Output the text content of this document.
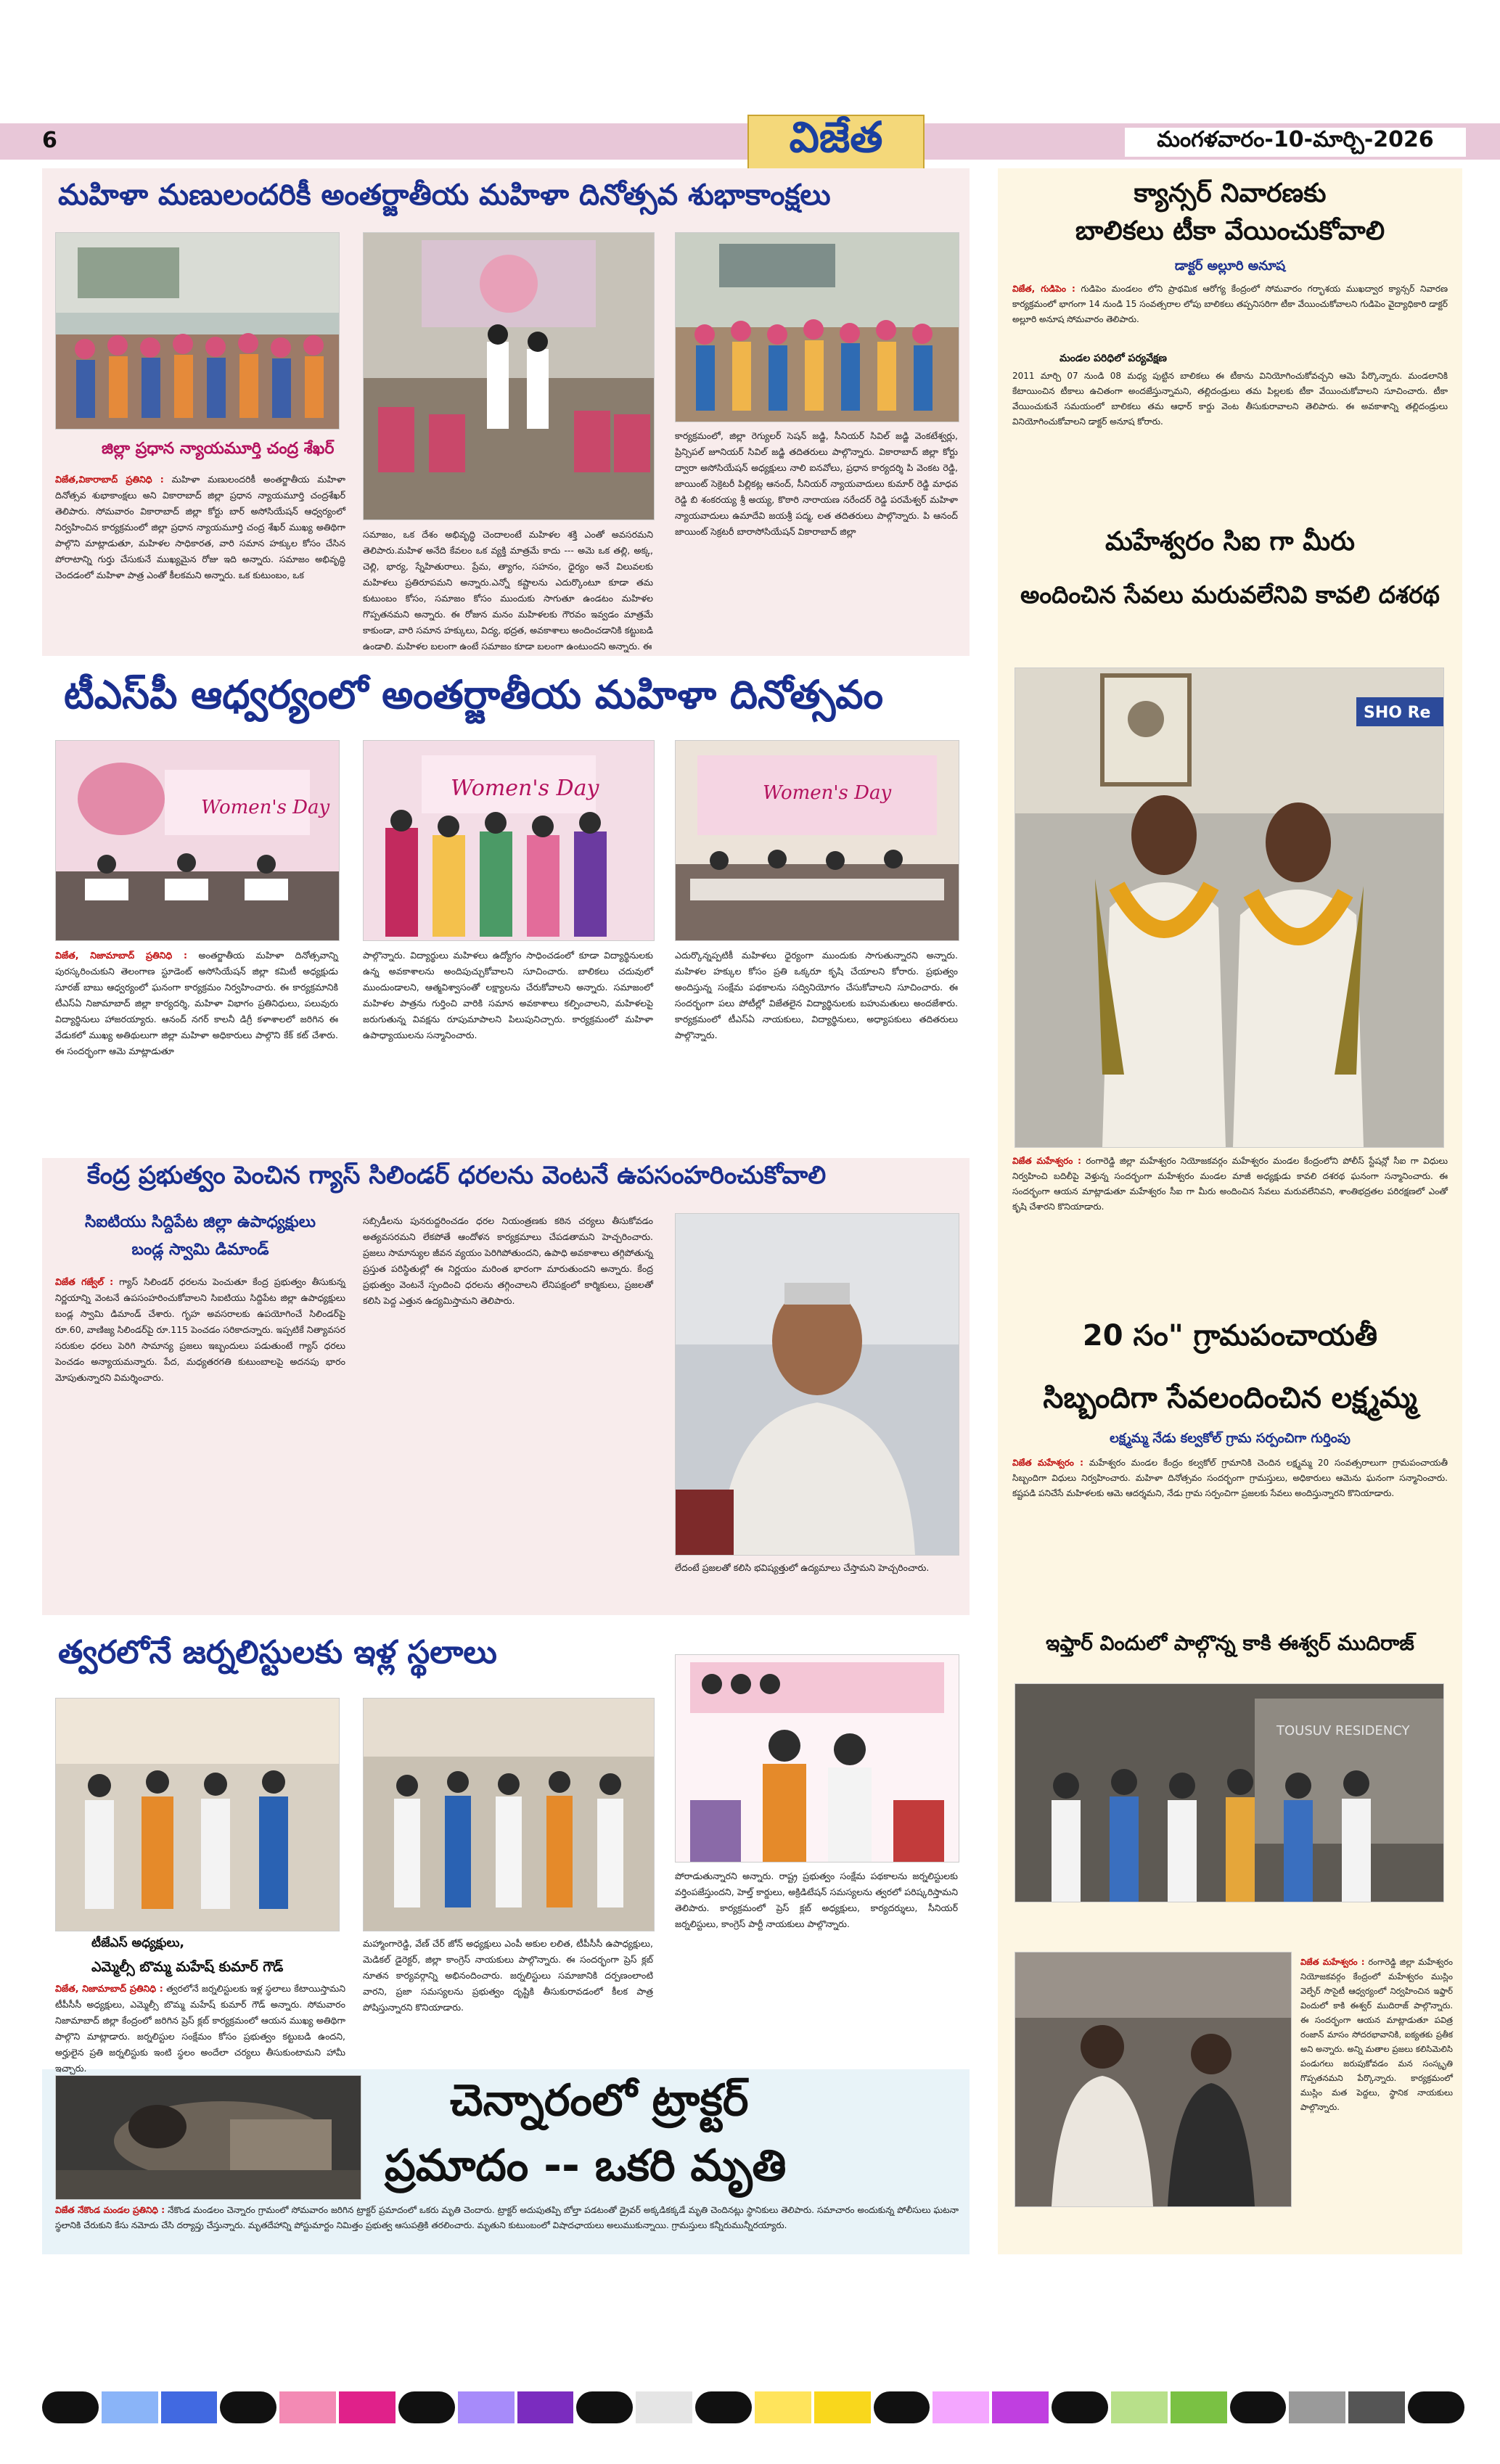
6	విజేత	మంగళవారం-10-మార్చి-2026
మహిళా మణులందరికీ అంతర్జాతీయ మహిళా దినోత్సవ శుభాకాంక్షలు
జిల్లా ప్రధాన న్యాయమూర్తి చంద్ర శేఖర్
విజేత,వికారాబాద్ ప్రతినిధి : మహిళా మణులందరికీ అంతర్జాతీయ మహిళా దినోత్సవ శుభాకాంక్షలు అని వికారాబాద్ జిల్లా ప్రధాన న్యాయమూర్తి చంద్రశేఖర్ తెలిపారు. సోమవారం వికారాబాద్ జిల్లా కోర్టు బార్ అసోసియేషన్ ఆధ్వర్యంలో నిర్వహించిన కార్యక్రమంలో జిల్లా ప్రధాన న్యాయమూర్తి చంద్ర శేఖర్ ముఖ్య అతిథిగా పాల్గొని మాట్లాడుతూ, మహిళల సాధికారత, వారి సమాన హక్కుల కోసం చేసిన పోరాటాన్ని గుర్తు చేసుకునే ముఖ్యమైన రోజు ఇది అన్నారు. సమాజం అభివృద్ధి చెందడంలో మహిళా పాత్ర ఎంతో కీలకమని అన్నారు. ఒక కుటుంబం, ఒక
సమాజం, ఒక దేశం అభివృద్ధి చెందాలంటే మహిళల శక్తి ఎంతో అవసరమని తెలిపారు.మహిళ అనేది కేవలం ఒక వ్యక్తి మాత్రమే కాదు --- అమె ఒక తల్లి, అక్క, చెల్లి, భార్య, స్నేహితురాలు. ప్రేమ, త్యాగం, సహనం, ధైర్యం అనే విలువలకు మహిళలు ప్రతిరూపమని అన్నారు.ఎన్నో కష్టాలను ఎదుర్కొంటూ కూడా తమ కుటుంబం కోసం, సమాజం కోసం ముందుకు సాగుతూ ఉండటం మహిళల గొప్పతనమని అన్నారు. ఈ రోజున మనం మహిళలకు గౌరవం ఇవ్వడం మాత్రమే కాకుండా, వారి సమాన హక్కులు, విద్య, భద్రత, అవకాశాలు అందించడానికి కట్టుబడి ఉండాలి. మహిళల బలంగా ఉంటే సమాజం కూడా బలంగా ఉంటుందని అన్నారు. ఈ
కార్యక్రమంలో, జిల్లా రెగ్యులర్ సెషన్ జడ్జి, సీనియర్ సివిల్ జడ్జి వెంకటేశ్వర్లు, ప్రిన్సిపల్ జూనియర్ సివిల్ జడ్జి తదితరులు పాల్గొన్నారు. వికారాబాద్ జిల్లా కోర్టు ద్వారా అసోసియేషన్ అధ్యక్షులు నాలి ఐనవోలు, ప్రధాన కార్యదర్శి పి వెంకట రెడ్డి, జాయింట్ సెక్రెటరీ పిల్లికట్ల ఆనంద్, సీనియర్ న్యాయవాదులు కుమార్ రెడ్డి మాధవ రెడ్డి బి శంకరయ్య శ్రీ అయ్య, కొఠారి నారాయణ నరేందర్ రెడ్డి పరమేశ్వర్ మహిళా న్యాయవాదులు ఉమాదేవి జయశ్రీ పద్మ, లత తదితరులు పాల్గొన్నారు. పి ఆనంద్ జాయింట్ సెక్రటరీ బారాసోసియేషన్ వికారాబాద్ జిల్లా
టీఎస్‌పీ ఆధ్వర్యంలో అంతర్జాతీయ మహిళా దినోత్సవం
Women's Day
Women's Day	Women's Day
విజేత, నిజామాబాద్ ప్రతినిధి : అంతర్జాతీయ మహిళా దినోత్సవాన్ని పురస్కరించుకుని తెలంగాణ స్టూడెంట్ అసోసియేషన్ జిల్లా కమిటీ అధ్యక్షుడు సూరజ్ బాబు ఆధ్వర్యంలో ఘనంగా కార్యక్రమం నిర్వహించారు. ఈ కార్యక్రమానికి టీఎస్‌ఏ నిజామాబాద్ జిల్లా కార్యదర్శి, మహిళా విభాగం ప్రతినిధులు, పలువురు విద్యార్థినులు హాజరయ్యారు. ఆనంద్ నగర్ కాలనీ డిగ్రీ కళాశాలలో జరిగిన ఈ వేడుకలో ముఖ్య అతిథులుగా జిల్లా మహిళా అధికారులు పాల్గొని కేక్ కట్ చేశారు. ఈ సందర్భంగా ఆమె మాట్లాడుతూ
పాల్గొన్నారు. విద్యార్థులు మహిళలు ఉద్యోగం సాధించడంలో కూడా విద్యార్థినులకు ఉన్న అవకాశాలను అందిపుచ్చుకోవాలని సూచించారు. బాలికలు చదువులో ముందుండాలని, ఆత్మవిశ్వాసంతో లక్ష్యాలను చేరుకోవాలని అన్నారు. సమాజంలో మహిళల పాత్రను గుర్తించి వారికి సమాన అవకాశాలు కల్పించాలని, మహిళలపై జరుగుతున్న వివక్షను రూపుమాపాలని పిలుపునిచ్చారు. కార్యక్రమంలో మహిళా ఉపాధ్యాయులను సన్మానించారు.
ఎదుర్కొన్నప్పటికీ మహిళలు ధైర్యంగా ముందుకు సాగుతున్నారని అన్నారు. మహిళల హక్కుల కోసం ప్రతి ఒక్కరూ కృషి చేయాలని కోరారు. ప్రభుత్వం అందిస్తున్న సంక్షేమ పథకాలను సద్వినియోగం చేసుకోవాలని సూచించారు. ఈ సందర్భంగా పలు పోటీల్లో విజేతలైన విద్యార్థినులకు బహుమతులు అందజేశారు. కార్యక్రమంలో టీఎస్‌ఏ నాయకులు, విద్యార్థినులు, అధ్యాపకులు తదితరులు పాల్గొన్నారు.
కేంద్ర ప్రభుత్వం పెంచిన గ్యాస్ సిలిండర్ ధరలను వెంటనే ఉపసంహరించుకోవాలి
సిఐటియు సిద్దిపేట జిల్లా ఉపాధ్యక్షులు
బండ్ల స్వామి డిమాండ్
విజేత గజ్వేల్ : గ్యాస్ సిలిండర్ ధరలను పెంచుతూ కేంద్ర ప్రభుత్వం తీసుకున్న నిర్ణయాన్ని వెంటనే ఉపసంహరించుకోవాలని సిఐటియు సిద్దిపేట జిల్లా ఉపాధ్యక్షులు బండ్ల స్వామి డిమాండ్ చేశారు. గృహ అవసరాలకు ఉపయోగించే సిలిండర్‌పై రూ.60, వాణిజ్య సిలిండర్‌పై రూ.115 పెంచడం సరికాదన్నారు. ఇప్పటికే నిత్యావసర సరుకుల ధరలు పెరిగి సామాన్య ప్రజలు ఇబ్బందులు పడుతుంటే గ్యాస్ ధరలు పెంచడం అన్యాయమన్నారు. పేద, మధ్యతరగతి కుటుంబాలపై అదనపు భారం మోపుతున్నారని విమర్శించారు.
సబ్సిడీలను పునరుద్దరించడం ధరల నియంత్రణకు కఠిన చర్యలు తీసుకోవడం అత్యవసరమని లేకపోతే ఆందోళన కార్యక్రమాలు చేపడతామని హెచ్చరించారు. ప్రజలు సామాన్యుల జీవన వ్యయం పెరిగిపోతుందని, ఉపాధి అవకాశాలు తగ్గిపోతున్న ప్రస్తుత పరిస్థితుల్లో ఈ నిర్ణయం మరింత భారంగా మారుతుందని అన్నారు. కేంద్ర ప్రభుత్వం వెంటనే స్పందించి ధరలను తగ్గించాలని లేనిపక్షంలో కార్మికులు, ప్రజలతో కలిసి పెద్ద ఎత్తున ఉద్యమిస్తామని తెలిపారు.
లేదంటే ప్రజలతో కలిసి భవిష్యత్తులో ఉద్యమాలు చేస్తామని హెచ్చరించారు.
త్వరలోనే జర్నలిస్టులకు ఇళ్ల స్థలాలు
టీజేఎస్ అధ్యక్షులు,
ఎమ్మెల్సీ బొమ్మ మహేష్ కుమార్ గౌడ్
విజేత, నిజామాబాద్ ప్రతినిధి : త్వరలోనే జర్నలిస్టులకు ఇళ్ల స్థలాలు కేటాయిస్తామని టీపీసీసీ అధ్యక్షులు, ఎమ్మెల్సీ బొమ్మ మహేష్ కుమార్ గౌడ్ అన్నారు. సోమవారం నిజామాబాద్ జిల్లా కేంద్రంలో జరిగిన ప్రెస్ క్లబ్ కార్యక్రమంలో ఆయన ముఖ్య అతిథిగా పాల్గొని మాట్లాడారు. జర్నలిస్టుల సంక్షేమం కోసం ప్రభుత్వం కట్టుబడి ఉందని, అర్హులైన ప్రతి జర్నలిస్టుకు ఇంటి స్థలం అందేలా చర్యలు తీసుకుంటామని హామీ ఇచ్చారు.
మహ్మాంగారెడ్డి, వేణ్ చేర్ జోన్ అధ్యక్షులు ఎంపీ అకుల లలిత, టీపీసీసీ ఉపాధ్యక్షులు, మెడికల్ డైరెక్టర్, జిల్లా కాంగ్రెస్ నాయకులు పాల్గొన్నారు. ఈ సందర్భంగా ప్రెస్ క్లబ్ నూతన కార్యవర్గాన్ని అభినందించారు. జర్నలిస్టులు సమాజానికి దర్పణంలాంటి వారని, ప్రజా సమస్యలను ప్రభుత్వం దృష్టికి తీసుకురావడంలో కీలక పాత్ర పోషిస్తున్నారని కొనియాడారు.
పోరాడుతున్నారని అన్నారు. రాష్ట్ర ప్రభుత్వం సంక్షేమ పథకాలను జర్నలిస్టులకు వర్తింపజేస్తుందని, హెల్త్ కార్డులు, అక్రిడిటేషన్ సమస్యలను త్వరలో పరిష్కరిస్తామని తెలిపారు. కార్యక్రమంలో ప్రెస్ క్లబ్ అధ్యక్షులు, కార్యదర్శులు, సీనియర్ జర్నలిస్టులు, కాంగ్రెస్ పార్టీ నాయకులు పాల్గొన్నారు.
చెన్నారంలో ట్రాక్టర్
ప్రమాదం -- ఒకరి మృతి
విజేత నేకొండ మండల ప్రతినిధి : నేకొండ మండలం చెన్నారం గ్రామంలో సోమవారం జరిగిన ట్రాక్టర్ ప్రమాదంలో ఒకరు మృతి చెందారు. ట్రాక్టర్ అదుపుతప్పి బోల్తా పడటంతో డ్రైవర్ అక్కడికక్కడే మృతి చెందినట్లు స్థానికులు తెలిపారు. సమాచారం అందుకున్న పోలీసులు ఘటనా స్థలానికి చేరుకుని కేసు నమోదు చేసి దర్యాప్తు చేస్తున్నారు. మృతదేహాన్ని పోస్టుమార్టం నిమిత్తం ప్రభుత్వ ఆసుపత్రికి తరలించారు. మృతుని కుటుంబంలో విషాదఛాయలు అలుముకున్నాయి. గ్రామస్తులు కన్నీరుమున్నీరయ్యారు.
క్యాన్సర్ నివారణకు
బాలికలు టీకా వేయించుకోవాలి
డాక్టర్ అల్లూరి అనూష
విజేత, గుడిపెం : గుడిపెం మండలం లోని ప్రాథమిక ఆరోగ్య కేంద్రంలో సోమవారం గర్భాశయ ముఖద్వార క్యాన్సర్ నివారణ కార్యక్రమంలో భాగంగా 14 నుండి 15 సంవత్సరాల లోపు బాలికలు తప్పనిసరిగా టీకా వేయించుకోవాలని గుడిపెం వైద్యాధికారి డాక్టర్ అల్లూరి అనూష సోమవారం తెలిపారు.
మండల పరిధిలో పర్యవేక్షణ
2011 మార్చి 07 నుండి 08 మధ్య పుట్టిన బాలికలు ఈ టీకాను వినియోగించుకోవచ్చని ఆమె పేర్కొన్నారు. మండలానికి కేటాయించిన టీకాలు ఉచితంగా అందజేస్తున్నామని, తల్లిదండ్రులు తమ పిల్లలకు టీకా వేయించుకోవాలని సూచించారు. టీకా వేయించుకునే సమయంలో బాలికలు తమ ఆధార్ కార్డు వెంట తీసుకురావాలని తెలిపారు. ఈ అవకాశాన్ని తల్లిదండ్రులు వినియోగించుకోవాలని డాక్టర్ అనూష కోరారు.
మహేశ్వరం సిఐ గా మీరు
అందించిన సేవలు మరువలేనివి కావలి దశరథ
SHO Re
విజేత మహేశ్వరం : రంగారెడ్డి జిల్లా మహేశ్వరం నియోజకవర్గం మహేశ్వరం మండల కేంద్రంలోని పోలీస్ స్టేషన్లో సీఐ గా విధులు నిర్వహించి బదిలీపై వెళ్తున్న సందర్భంగా మహేశ్వరం మండల మాజీ అధ్యక్షుడు కావలి దశరథ ఘనంగా సన్మానించారు. ఈ సందర్భంగా ఆయన మాట్లాడుతూ మహేశ్వరం సీఐ గా మీరు అందించిన సేవలు మరువలేనివని, శాంతిభద్రతల పరిరక్షణలో ఎంతో కృషి చేశారని కొనియాడారు.
20 సం" గ్రామపంచాయతీ
సిబ్బందిగా సేవలందించిన లక్ష్మమ్మ
లక్ష్మమ్మ నేడు కల్వకోల్ గ్రామ సర్పంచిగా గుర్తింపు
విజేత మహేశ్వరం : మహేశ్వరం మండల కేంద్రం కల్వకోల్ గ్రామానికి చెందిన లక్ష్మమ్మ 20 సంవత్సరాలుగా గ్రామపంచాయతీ సిబ్బందిగా విధులు నిర్వహించారు. మహిళా దినోత్సవం సందర్భంగా గ్రామస్తులు, అధికారులు ఆమెను ఘనంగా సన్మానించారు. కష్టపడి పనిచేసే మహిళలకు ఆమె ఆదర్శమని, నేడు గ్రామ సర్పంచిగా ప్రజలకు సేవలు అందిస్తున్నారని కొనియాడారు.
ఇఫ్తార్ విందులో పాల్గొన్న కాకి ఈశ్వర్ ముదిరాజ్
TOUSUV RESIDENCY
విజేత మహేశ్వరం : రంగారెడ్డి జిల్లా మహేశ్వరం నియోజకవర్గం కేంద్రంలో మహేశ్వరం ముస్లిం వెల్ఫేర్ సొసైటీ ఆధ్వర్యంలో నిర్వహించిన ఇఫ్తార్ విందులో కాకి ఈశ్వర్ ముదిరాజ్ పాల్గొన్నారు. ఈ సందర్భంగా ఆయన మాట్లాడుతూ పవిత్ర రంజాన్ మాసం సోదరభావానికి, ఐక్యతకు ప్రతీక అని అన్నారు. అన్ని మతాల ప్రజలు కలిసిమెలిసి పండుగలు జరుపుకోవడం మన సంస్కృతి గొప్పతనమని పేర్కొన్నారు. కార్యక్రమంలో ముస్లిం మత పెద్దలు, స్థానిక నాయకులు పాల్గొన్నారు.
